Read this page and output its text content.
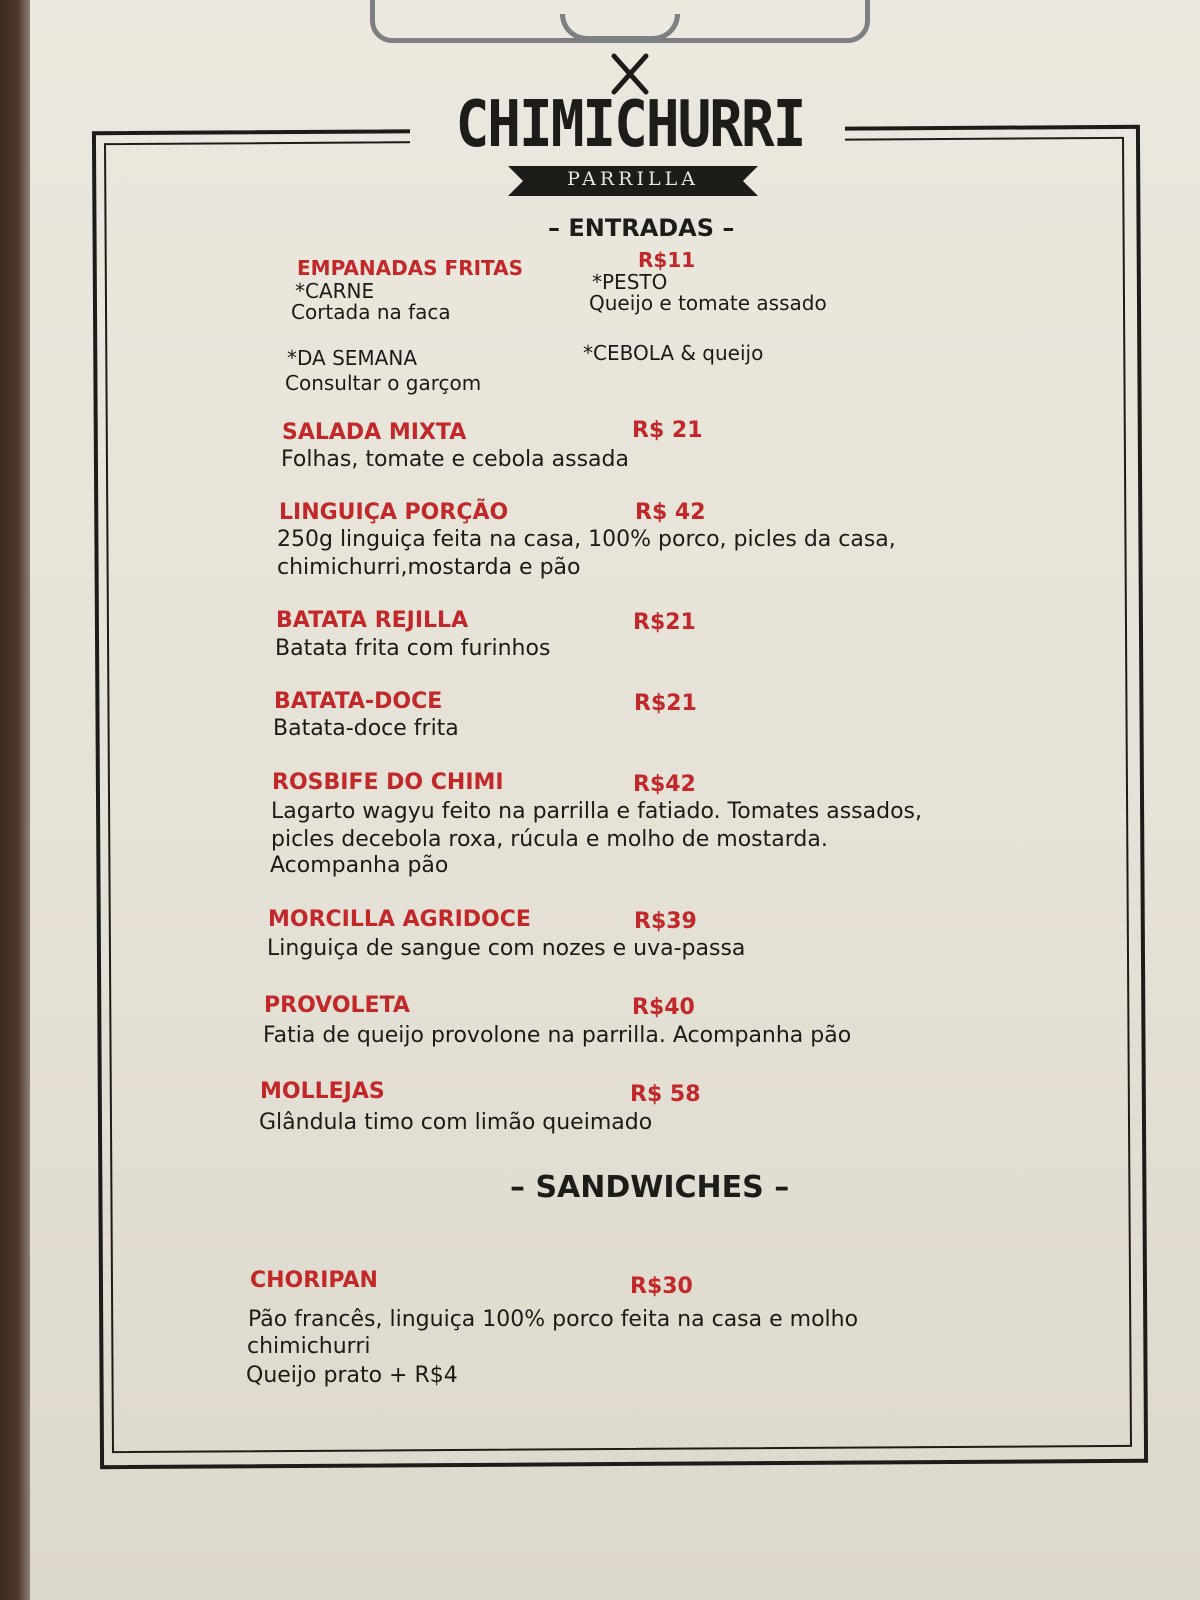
CHIMICHURRI
PARRILLA
– ENTRADAS –
EMPANADAS FRITAS	R$11
*CARNE
Cortada na faca
*PESTO
Queijo e tomate assado
*DA SEMANA
Consultar o garçom
*CEBOLA & queijo
SALADA MIXTA	R$ 21
Folhas, tomate e cebola assada
LINGUIÇA PORÇÃO	R$ 42
250g linguiça feita na casa, 100% porco, picles da casa,
chimichurri,mostarda e pão
BATATA REJILLA	R$21
Batata frita com furinhos
BATATA-DOCE	R$21
Batata-doce frita
ROSBIFE DO CHIMI	R$42
Lagarto wagyu feito na parrilla e fatiado. Tomates assados,
picles decebola roxa, rúcula e molho de mostarda.
Acompanha pão
MORCILLA AGRIDOCE	R$39
Linguiça de sangue com nozes e uva-passa
PROVOLETA	R$40
Fatia de queijo provolone na parrilla. Acompanha pão
MOLLEJAS	R$ 58
Glândula timo com limão queimado
– SANDWICHES –
CHORIPAN	R$30
Pão francês, linguiça 100% porco feita na casa e molho
chimichurri
Queijo prato + R$4
